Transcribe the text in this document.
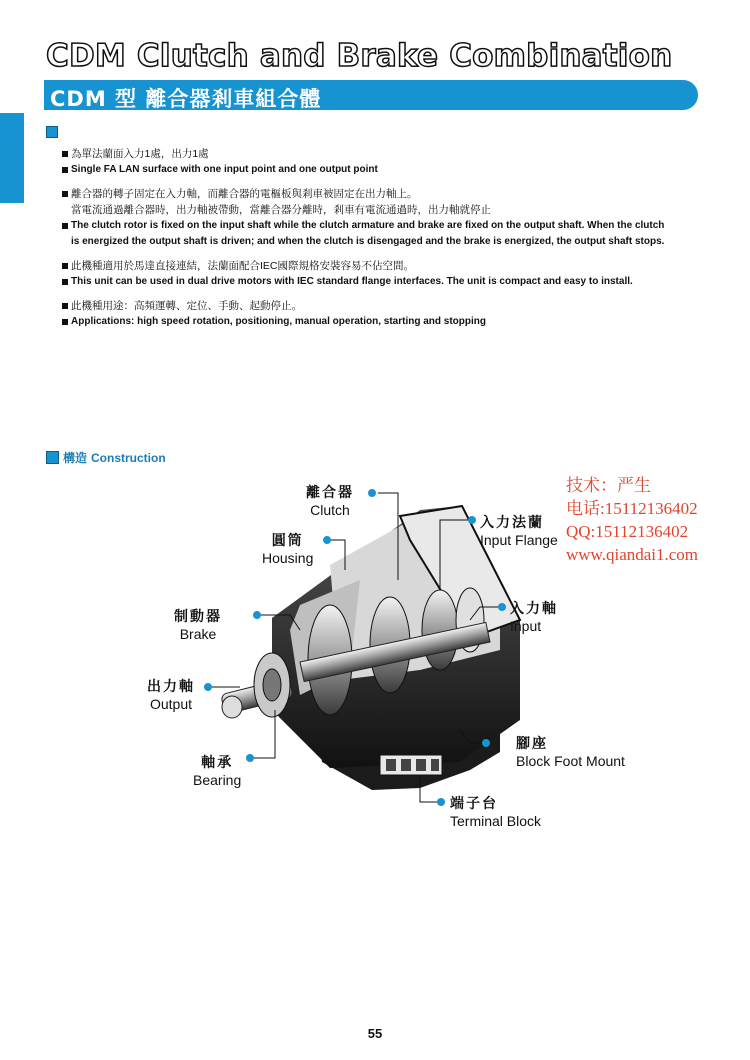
CDM Clutch and Brake Combination
CDM 型 離合器剎車組合體
為單法蘭面入力1處，出力1處
Single FA LAN surface with one input point and one output point
離合器的轉子固定在入力軸，而離合器的電樞板與剎車被固定在出力軸上。
當電流通過離合器時，出力軸被帶動，當離合器分離時，剎車有電流通過時，出力軸就停止
The clutch rotor is fixed on the input shaft while the clutch armature and brake are fixed on the output shaft. When the clutch
is energized the output shaft is driven; and when the clutch is disengaged and the brake is energized, the output shaft stops.
此機種適用於馬達直接連結，法蘭面配合IEC國際規格安裝容易不佔空間。
This unit can be used in dual drive motors with IEC standard flange interfaces. The unit is compact and easy to install.
此機種用途：高頻運轉、定位、手動、起動停止。
Applications: high speed rotation, positioning, manual operation, starting and stopping
構造 Construction
離合器
Clutch
圓筒
Housing
制動器
Brake
出力軸
Output
軸承
Bearing
入力法蘭
Input Flange
入力軸
Input
腳座
Block Foot Mount
端子台
Terminal Block
技术：严生
电话:15112136402
QQ:15112136402
www.qiandai1.com
55
